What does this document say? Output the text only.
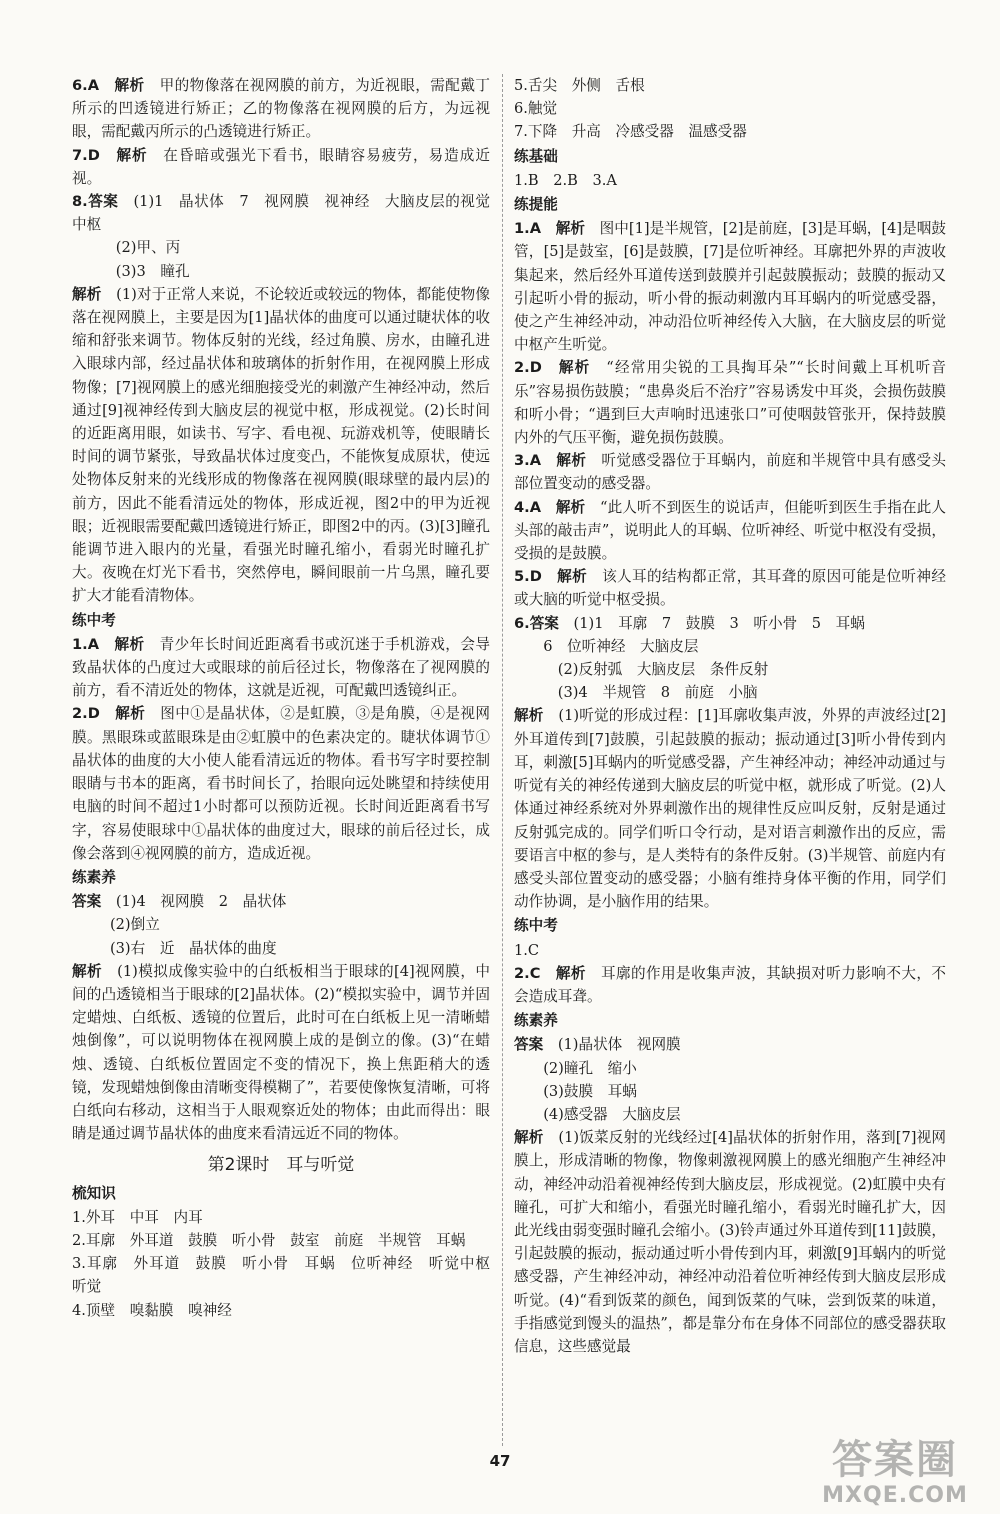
6.A　 解析　 甲的物像落在视网膜的前方，为近视眼，需配戴丁所示的凹透镜进行矫正；乙的物像落在视网膜的后方，为远视眼，需配戴丙所示的凸透镜进行矫正。

7.D　 解析　 在昏暗或强光下看书，眼睛容易疲劳，易造成近视。

8.答案　 (1)1　晶状体　7　视网膜　视神经　大脑皮层的视觉中枢

(2)甲、丙

(3)3　瞳孔

解析　 (1)对于正常人来说，不论较近或较远的物体，都能使物像落在视网膜上，主要是因为[1]晶状体的曲度可以通过睫状体的收缩和舒张来调节。物体反射的光线，经过角膜、房水，由瞳孔进入眼球内部，经过晶状体和玻璃体的折射作用，在视网膜上形成物像；[7]视网膜上的感光细胞接受光的刺激产生神经冲动，然后通过[9]视神经传到大脑皮层的视觉中枢，形成视觉。(2)长时间的近距离用眼，如读书、写字、看电视、玩游戏机等，使眼睛长时间的调节紧张，导致晶状体过度变凸，不能恢复成原状，使远处物体反射来的光线形成的物像落在视网膜(眼球壁的最内层)的前方，因此不能看清远处的物体，形成近视，图2中的甲为近视眼；近视眼需要配戴凹透镜进行矫正，即图2中的丙。(3)[3]瞳孔能调节进入眼内的光量，看强光时瞳孔缩小，看弱光时瞳孔扩大。夜晚在灯光下看书，突然停电，瞬间眼前一片乌黑，瞳孔要扩大才能看清物体。

练中考

1.A　 解析　 青少年长时间近距离看书或沉迷于手机游戏，会导致晶状体的凸度过大或眼球的前后径过长，物像落在了视网膜的前方，看不清近处的物体，这就是近视，可配戴凹透镜纠正。

2.D　 解析　 图中①是晶状体，②是虹膜，③是角膜，④是视网膜。黑眼珠或蓝眼珠是由②虹膜中的色素决定的。睫状体调节①晶状体的曲度的大小使人能看清远近的物体。看书写字时要控制眼睛与书本的距离，看书时间长了，抬眼向远处眺望和持续使用电脑的时间不超过1小时都可以预防近视。长时间近距离看书写字，容易使眼球中①晶状体的曲度过大，眼球的前后径过长，成像会落到④视网膜的前方，造成近视。

练素养

答案　 (1)4　视网膜　2　晶状体

(2)倒立

(3)右　近　晶状体的曲度

解析　 (1)模拟成像实验中的白纸板相当于眼球的[4]视网膜，中间的凸透镜相当于眼球的[2]晶状体。(2)“模拟实验中，调节并固定蜡烛、白纸板、透镜的位置后，此时可在白纸板上见一清晰蜡烛倒像”，可以说明物体在视网膜上成的是倒立的像。(3)“在蜡烛、透镜、白纸板位置固定不变的情况下，换上焦距稍大的透镜，发现蜡烛倒像由清晰变得模糊了”，若要使像恢复清晰，可将白纸向右移动，这相当于人眼观察近处的物体；由此而得出：眼睛是通过调节晶状体的曲度来看清远近不同的物体。

第2课时　耳与听觉

梳知识

1.外耳　中耳　内耳

2.耳廓　外耳道　鼓膜　听小骨　鼓室　前庭　半规管　耳蜗

3.耳廓　外耳道　鼓膜　听小骨　耳蜗　位听神经　听觉中枢　听觉

4.顶壁　嗅黏膜　嗅神经

5.舌尖　外侧　舌根

6.触觉

7.下降　升高　冷感受器　温感受器

练基础

1.B　2.B　3.A

练提能

1.A　 解析　 图中[1]是半规管，[2]是前庭，[3]是耳蜗，[4]是咽鼓管，[5]是鼓室，[6]是鼓膜，[7]是位听神经。耳廓把外界的声波收集起来，然后经外耳道传送到鼓膜并引起鼓膜振动；鼓膜的振动又引起听小骨的振动，听小骨的振动刺激内耳耳蜗内的听觉感受器，使之产生神经冲动，冲动沿位听神经传入大脑，在大脑皮层的听觉中枢产生听觉。

2.D　 解析　 “经常用尖锐的工具掏耳朵”“长时间戴上耳机听音乐”容易损伤鼓膜；“患鼻炎后不治疗”容易诱发中耳炎，会损伤鼓膜和听小骨；“遇到巨大声响时迅速张口”可使咽鼓管张开，保持鼓膜内外的气压平衡，避免损伤鼓膜。

3.A　 解析　 听觉感受器位于耳蜗内，前庭和半规管中具有感受头部位置变动的感受器。

4.A　 解析　 “此人听不到医生的说话声，但能听到医生手指在此人头部的敲击声”，说明此人的耳蜗、位听神经、听觉中枢没有受损，受损的是鼓膜。

5.D　 解析　 该人耳的结构都正常，其耳聋的原因可能是位听神经或大脑的听觉中枢受损。

6.答案　 (1)1　耳廓　7　鼓膜　3　听小骨　5　耳蜗

6　位听神经　大脑皮层

(2)反射弧　大脑皮层　条件反射

(3)4　半规管　8　前庭　小脑

解析　 (1)听觉的形成过程：[1]耳廓收集声波，外界的声波经过[2]外耳道传到[7]鼓膜，引起鼓膜的振动；振动通过[3]听小骨传到内耳，刺激[5]耳蜗内的听觉感受器，产生神经冲动；神经冲动通过与听觉有关的神经传递到大脑皮层的听觉中枢，就形成了听觉。(2)人体通过神经系统对外界刺激作出的规律性反应叫反射，反射是通过反射弧完成的。同学们听口令行动，是对语言刺激作出的反应，需要语言中枢的参与，是人类特有的条件反射。(3)半规管、前庭内有感受头部位置变动的感受器；小脑有维持身体平衡的作用，同学们动作协调，是小脑作用的结果。

练中考

1.C

2.C　 解析　 耳廓的作用是收集声波，其缺损对听力影响不大，不会造成耳聋。

练素养

答案　 (1)晶状体　视网膜

(2)瞳孔　缩小

(3)鼓膜　耳蜗

(4)感受器　大脑皮层

解析　 (1)饭菜反射的光线经过[4]晶状体的折射作用，落到[7]视网膜上，形成清晰的物像，物像刺激视网膜上的感光细胞产生神经冲动，神经冲动沿着视神经传到大脑皮层，形成视觉。(2)虹膜中央有瞳孔，可扩大和缩小，看强光时瞳孔缩小，看弱光时瞳孔扩大，因此光线由弱变强时瞳孔会缩小。(3)铃声通过外耳道传到[11]鼓膜，引起鼓膜的振动，振动通过听小骨传到内耳，刺激[9]耳蜗内的听觉感受器，产生神经冲动，神经冲动沿着位听神经传到大脑皮层形成听觉。(4)“看到饭菜的颜色，闻到饭菜的气味，尝到饭菜的味道，手指感觉到馒头的温热”，都是靠分布在身体不同部位的感受器获取信息，这些感觉最

47	答案圈
MXQE.COM
